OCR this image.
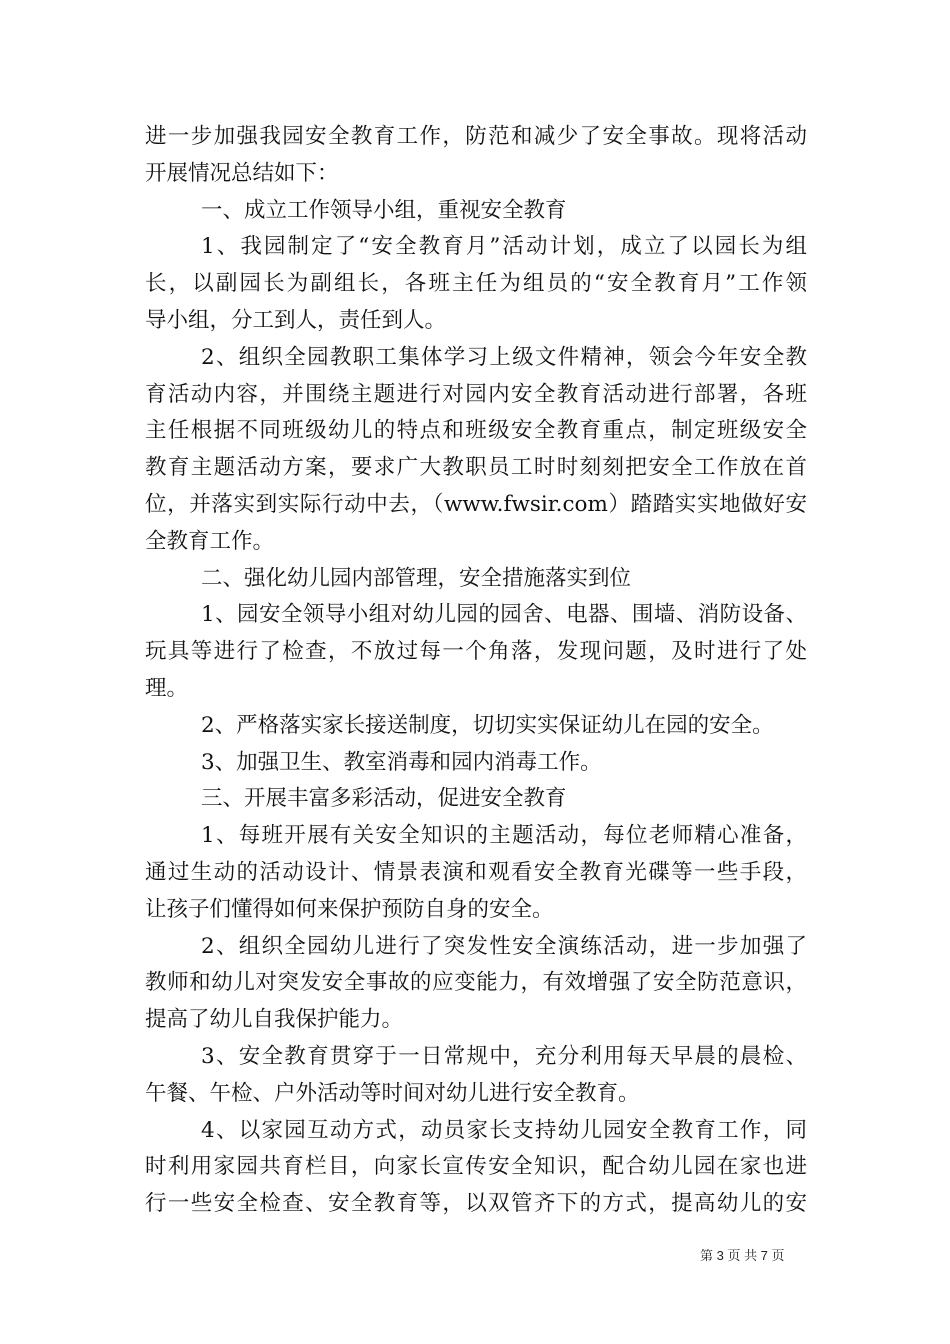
进一步加强我园安全教育工作，防范和减少了安全事故。现将活动
开展情况总结如下：
一、成立工作领导小组，重视安全教育
1、我园制定了“安全教育月”活动计划，成立了以园长为组
长，以副园长为副组长，各班主任为组员的“安全教育月”工作领
导小组，分工到人，责任到人。
2、组织全园教职工集体学习上级文件精神，领会今年安全教
育活动内容，并围绕主题进行对园内安全教育活动进行部署，各班
主任根据不同班级幼儿的特点和班级安全教育重点，制定班级安全
教育主题活动方案，要求广大教职员工时时刻刻把安全工作放在首
位，并落实到实际行动中去，（www.fwsir.com）踏踏实实地做好安
全教育工作。
二、强化幼儿园内部管理，安全措施落实到位
1、园安全领导小组对幼儿园的园舍、电器、围墙、消防设备、
玩具等进行了检查，不放过每一个角落，发现问题，及时进行了处
理。
2、严格落实家长接送制度，切切实实保证幼儿在园的安全。
3、加强卫生、教室消毒和园内消毒工作。
三、开展丰富多彩活动，促进安全教育
1、每班开展有关安全知识的主题活动，每位老师精心准备，
通过生动的活动设计、情景表演和观看安全教育光碟等一些手段，
让孩子们懂得如何来保护预防自身的安全。
2、组织全园幼儿进行了突发性安全演练活动，进一步加强了
教师和幼儿对突发安全事故的应变能力，有效增强了安全防范意识，
提高了幼儿自我保护能力。
3、安全教育贯穿于一日常规中，充分利用每天早晨的晨检、
午餐、午检、户外活动等时间对幼儿进行安全教育。
4、以家园互动方式，动员家长支持幼儿园安全教育工作，同
时利用家园共育栏目，向家长宣传安全知识，配合幼儿园在家也进
行一些安全检查、安全教育等，以双管齐下的方式，提高幼儿的安
第 3 页 共 7 页
